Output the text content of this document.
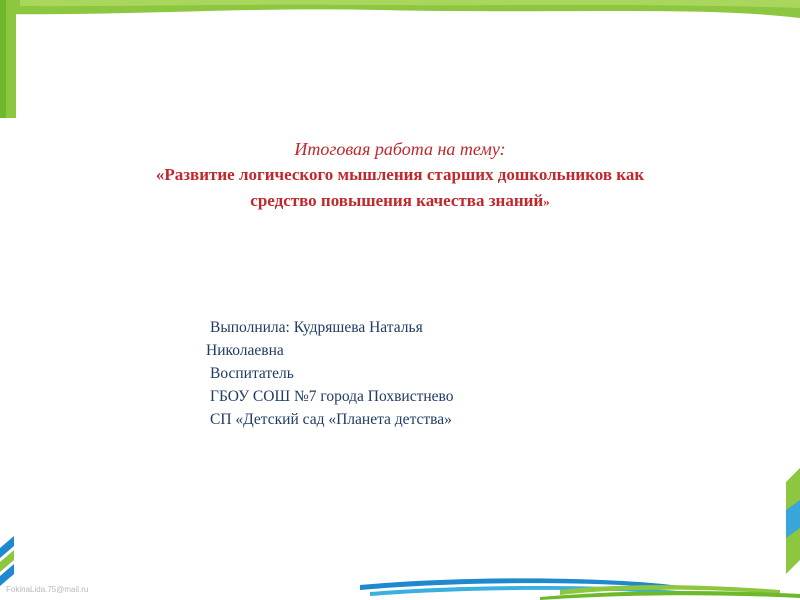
Итоговая работа на тему:
«Развитие логического мышления старших дошкольников как
средство повышения качества знаний»
Выполнила: Кудряшева Наталья
Николаевна
Воспитатель
ГБОУ СОШ №7 города Похвистнево
СП «Детский сад «Планета детства»
FokinaLida.75@mail.ru
